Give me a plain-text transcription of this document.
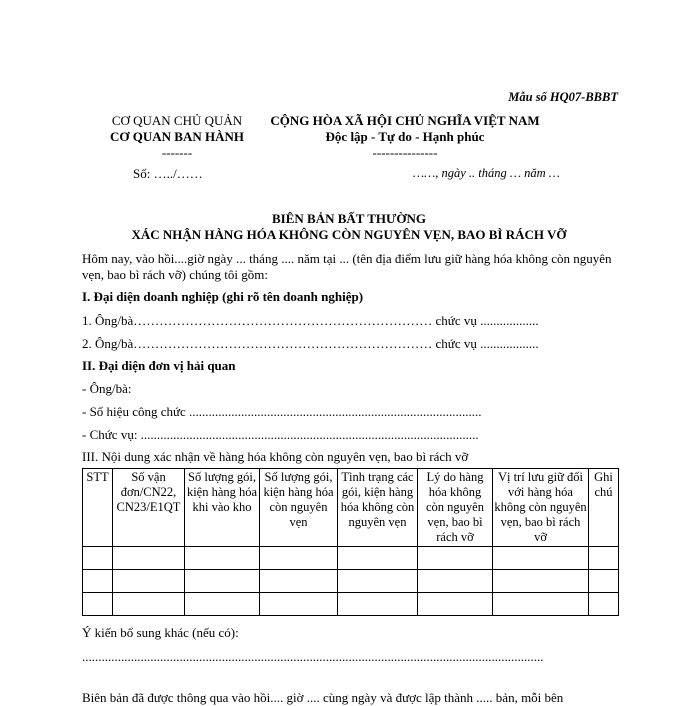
Mẫu số HQ07-BBBT
CƠ QUAN CHỦ QUẢN
CƠ QUAN BAN HÀNH
-------
CỘNG HÒA XÃ HỘI CHỦ NGHĨA VIỆT NAM
Độc lập - Tự do - Hạnh phúc
---------------
Số: …../……	……, ngày .. tháng … năm …
BIÊN BẢN BẤT THƯỜNG
XÁC NHẬN HÀNG HÓA KHÔNG CÒN NGUYÊN VẸN, BAO BÌ RÁCH VỠ
Hôm nay, vào hồi....giờ ngày ... tháng .... năm tại ... (tên địa điểm lưu giữ hàng hóa không còn nguyên vẹn, bao bì rách vỡ) chúng tôi gồm:
I. Đại diện doanh nghiệp (ghi rõ tên doanh nghiệp)
1. Ông/bà…………………………………………………………… chức vụ ..................
2. Ông/bà…………………………………………………………… chức vụ ..................
II. Đại diện đơn vị hải quan
- Ông/bà:
- Số hiệu công chức ..........................................................................................
- Chức vụ: ........................................................................................................
III. Nội dung xác nhận về hàng hóa không còn nguyên vẹn, bao bì rách vỡ
STT	Số vận đơn/CN22, CN23/E1QT	Số lượng gói, kiện hàng hóa khi vào kho	Số lượng gói, kiện hàng hóa còn nguyên vẹn	Tình trạng các gói, kiện hàng hóa không còn nguyên vẹn	Lý do hàng hóa không còn nguyên vẹn, bao bì rách vỡ	Vị trí lưu giữ đối với hàng hóa không còn nguyên vẹn, bao bì rách vỡ	Ghi chú

Ý kiến bổ sung khác (nếu có):
..............................................................................................................................................
Biên bản đã được thông qua vào hồi.... giờ .... cùng ngày và được lập thành ..... bản, mỗi bên
